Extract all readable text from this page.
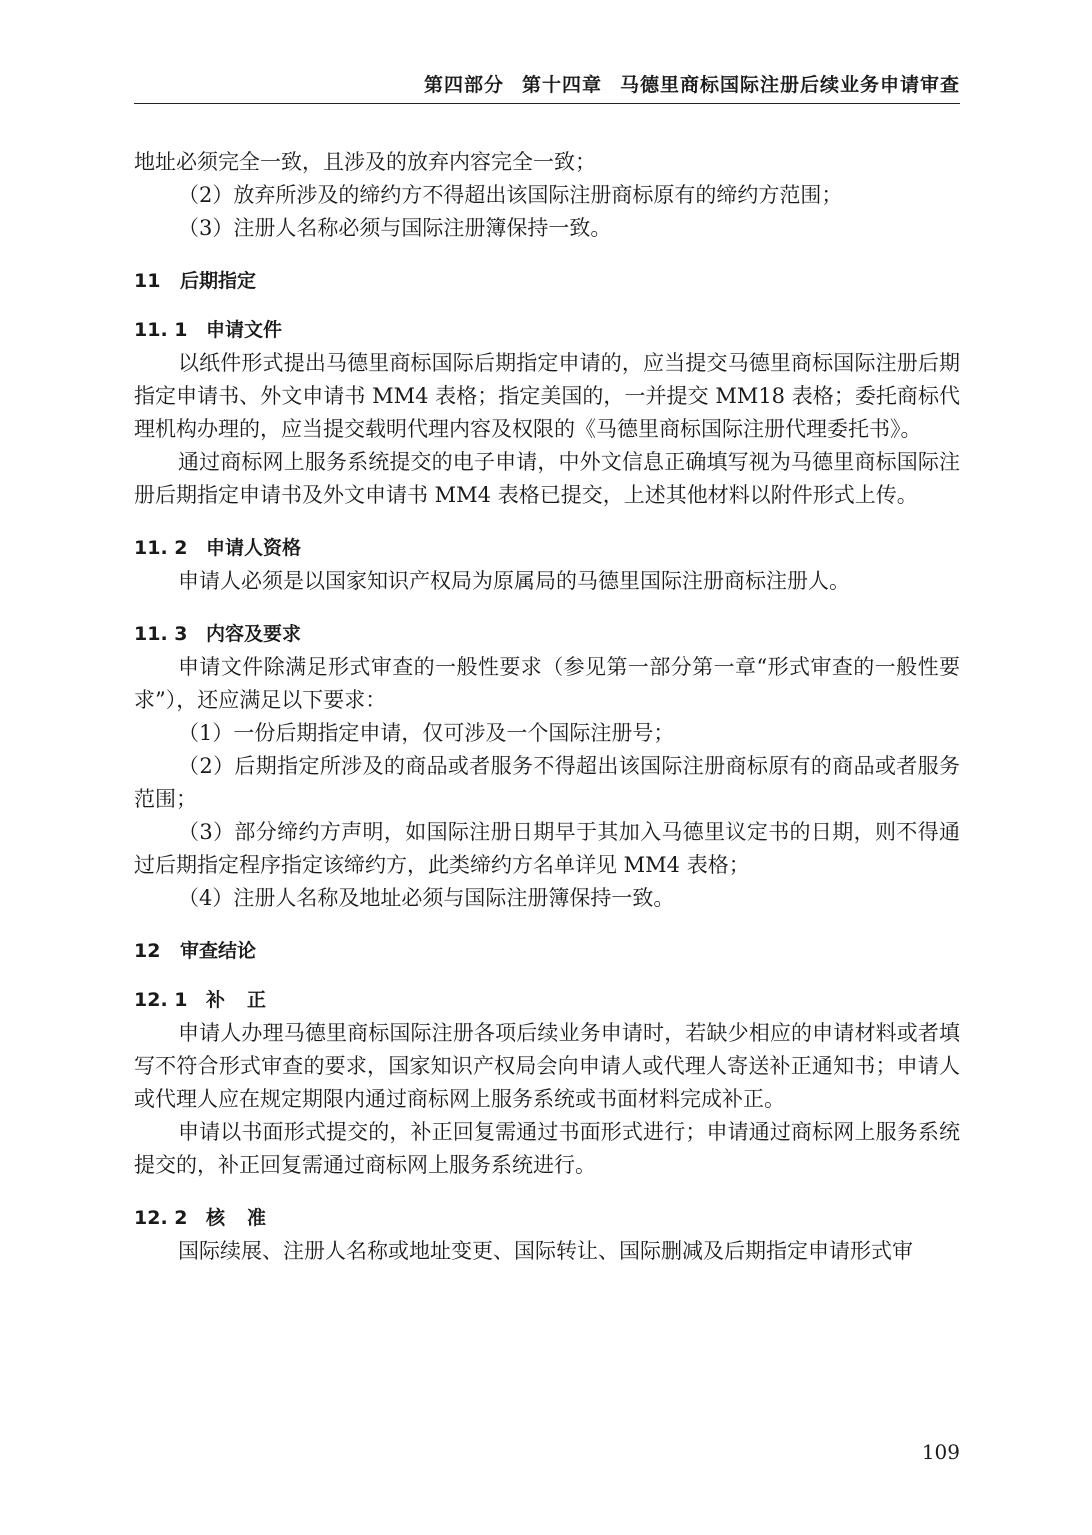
第四部分 第十四章 马德里商标国际注册后续业务申请审查

地址必须完全一致，且涉及的放弃内容完全一致；

（2）放弃所涉及的缔约方不得超出该国际注册商标原有的缔约方范围；

（3）注册人名称必须与国际注册簿保持一致。

11 后期指定
11. 1 申请文件

以纸件形式提出马德里商标国际后期指定申请的，应当提交马德里商标国际注册后期指定申请书、外文申请书 MM4 表格；指定美国的，一并提交 MM18 表格；委托商标代理机构办理的，应当提交载明代理内容及权限的《马德里商标国际注册代理委托书》。

通过商标网上服务系统提交的电子申请，中外文信息正确填写视为马德里商标国际注册后期指定申请书及外文申请书 MM4 表格已提交，上述其他材料以附件形式上传。

11. 2 申请人资格

申请人必须是以国家知识产权局为原属局的马德里国际注册商标注册人。

11. 3 内容及要求

申请文件除满足形式审查的一般性要求（参见第一部分第一章“形式审查的一般性要求”），还应满足以下要求：

（1）一份后期指定申请，仅可涉及一个国际注册号；

（2）后期指定所涉及的商品或者服务不得超出该国际注册商标原有的商品或者服务范围；

（3）部分缔约方声明，如国际注册日期早于其加入马德里议定书的日期，则不得通过后期指定程序指定该缔约方，此类缔约方名单详见 MM4 表格；

（4）注册人名称及地址必须与国际注册簿保持一致。

12 审查结论
12. 1 补正

申请人办理马德里商标国际注册各项后续业务申请时，若缺少相应的申请材料或者填写不符合形式审查的要求，国家知识产权局会向申请人或代理人寄送补正通知书；申请人或代理人应在规定期限内通过商标网上服务系统或书面材料完成补正。

申请以书面形式提交的，补正回复需通过书面形式进行；申请通过商标网上服务系统提交的，补正回复需通过商标网上服务系统进行。

12. 2 核准

国际续展、注册人名称或地址变更、国际转让、国际删减及后期指定申请形式审

109
